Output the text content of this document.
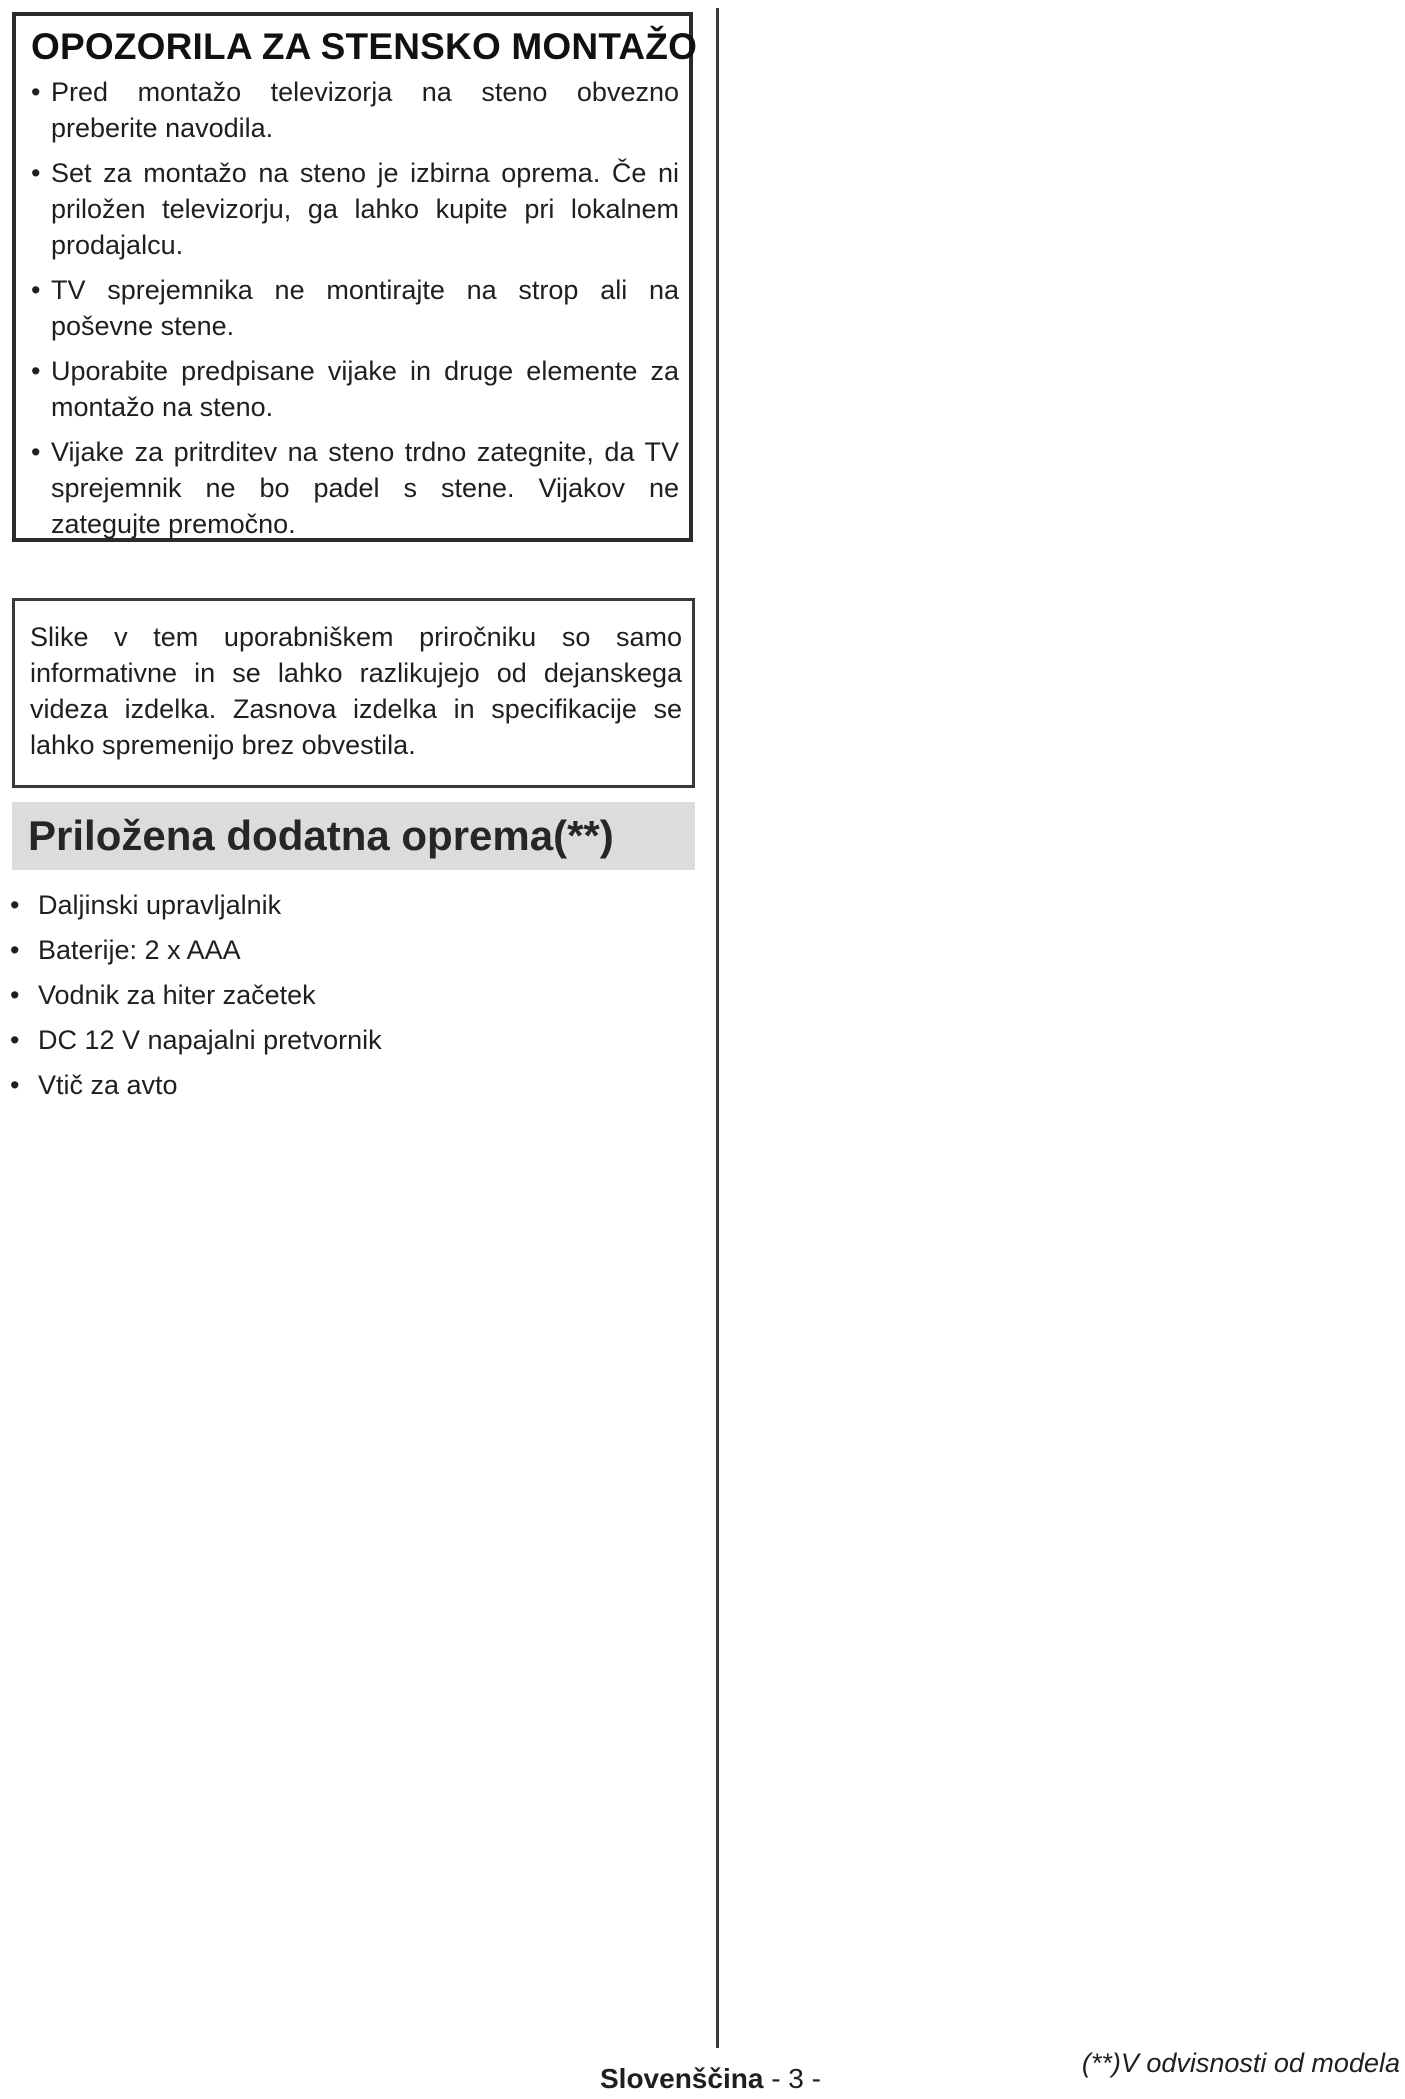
OPOZORILA ZA STENSKO MONTAŽO
• Pred montažo televizorja na steno obvezno preberite navodila.
• Set za montažo na steno je izbirna oprema. Če ni priložen televizorju, ga lahko kupite pri lokalnem prodajalcu.
• TV sprejemnika ne montirajte na strop ali na poševne stene.
• Uporabite predpisane vijake in druge elemente za montažo na steno.
• Vijake za pritrditev na steno trdno zategnite, da TV sprejemnik ne bo padel s stene. Vijakov ne zategujte premočno.
Slike v tem uporabniškem priročniku so samo informativne in se lahko razlikujejo od dejanskega videza izdelka. Zasnova izdelka in specifikacije se lahko spremenijo brez obvestila.
Priložena dodatna oprema(**)
• Daljinski upravljalnik
• Baterije: 2 x AAA
• Vodnik za hiter začetek
• DC 12 V napajalni pretvornik
• Vtič za avto
(**)V odvisnosti od modela
Slovenščina - 3 -
